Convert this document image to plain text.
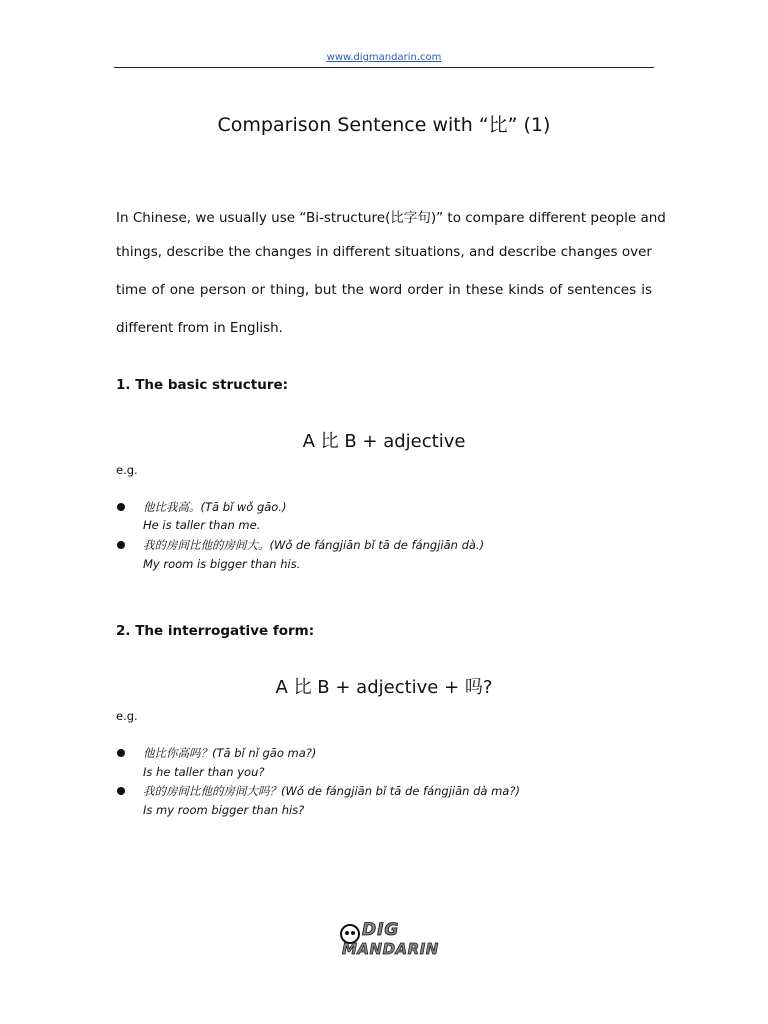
www.digmandarin.com
Comparison Sentence with “比” (1)
In Chinese, we usually use “Bi-structure(比字句)” to compare different people and
things, describe the changes in different situations, and describe changes over
time of one person or thing, but the word order in these kinds of sentences is
different from in English.
1. The basic structure:
A 比 B + adjective
e.g.
他比我高。(Tā bǐ wǒ gāo.)
He is taller than me.
我的房间比他的房间大。(Wǒ de fángjiān bǐ tā de fángjiān dà.)
My room is bigger than his.
2. The interrogative form:
A 比 B + adjective + 吗?
e.g.
他比你高吗？(Tā bǐ nǐ gāo ma?)
Is he taller than you?
我的房间比他的房间大吗？(Wǒ de fángjiān bǐ tā de fángjiān dà ma?)
Is my room bigger than his?
DIG
MANDARIN
